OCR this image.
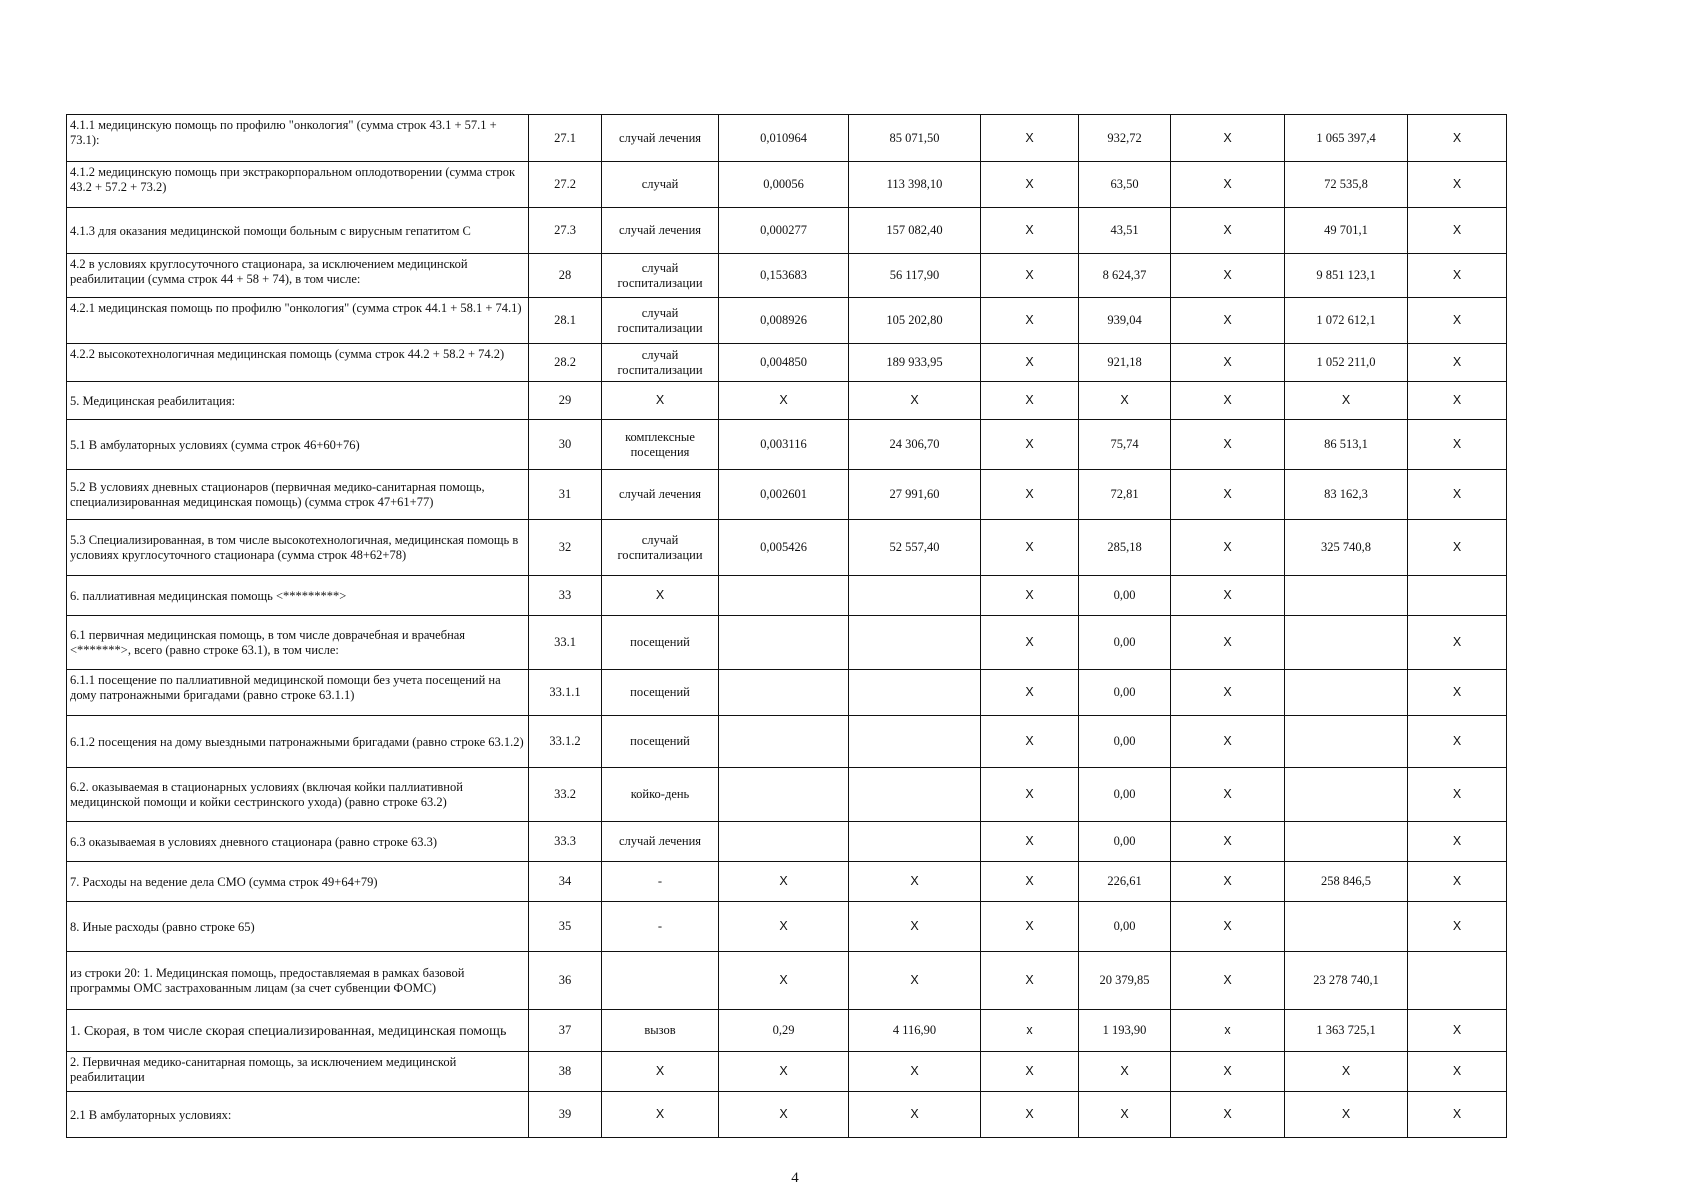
4.1.1 медицинскую помощь по профилю "онкология" (сумма строк 43.1 + 57.1 + 73.1):	27.1	случай лечения	0,010964	85 071,50	X	932,72	X	1 065 397,4	X
4.1.2 медицинскую помощь при экстракорпоральном оплодотворении (сумма строк 43.2 + 57.2 + 73.2)	27.2	случай	0,00056	113 398,10	X	63,50	X	72 535,8	X
4.1.3 для оказания медицинской помощи больным с вирусным гепатитом С	27.3	случай лечения	0,000277	157 082,40	X	43,51	X	49 701,1	X
4.2 в условиях круглосуточного стационара, за исключением медицинской реабилитации (сумма строк 44 + 58 + 74), в том числе:	28	случай госпитализации	0,153683	56 117,90	X	8 624,37	X	9 851 123,1	X
4.2.1 медицинская помощь по профилю "онкология" (сумма строк 44.1 + 58.1 + 74.1)	28.1	случай госпитализации	0,008926	105 202,80	X	939,04	X	1 072 612,1	X
4.2.2 высокотехнологичная медицинская помощь (сумма строк 44.2 + 58.2 + 74.2)	28.2	случай госпитализации	0,004850	189 933,95	X	921,18	X	1 052 211,0	X
5. Медицинская реабилитация:	29	X	X	X	X	X	X	X	X
5.1 В амбулаторных условиях (сумма строк 46+60+76)	30	комплексные посещения	0,003116	24 306,70	X	75,74	X	86 513,1	X
5.2 В условиях дневных стационаров (первичная медико-санитарная помощь, специализированная медицинская помощь) (сумма строк 47+61+77)	31	случай лечения	0,002601	27 991,60	X	72,81	X	83 162,3	X
5.3 Специализированная, в том числе высокотехнологичная, медицинская помощь в условиях круглосуточного стационара (сумма строк 48+62+78)	32	случай госпитализации	0,005426	52 557,40	X	285,18	X	325 740,8	X
6. паллиативная медицинская помощь <*********>	33	X			X	0,00	X		
6.1 первичная медицинская помощь, в том числе доврачебная и врачебная <*******>, всего (равно строке 63.1), в том числе:	33.1	посещений			X	0,00	X		X
6.1.1 посещение по паллиативной медицинской помощи без учета посещений на дому патронажными бригадами (равно строке 63.1.1)	33.1.1	посещений			X	0,00	X		X
6.1.2 посещения на дому выездными патронажными бригадами (равно строке 63.1.2)	33.1.2	посещений			X	0,00	X		X
6.2. оказываемая в стационарных условиях (включая койки паллиативной медицинской помощи и койки сестринского ухода) (равно строке 63.2)	33.2	койко-день			X	0,00	X		X
6.3 оказываемая в условиях дневного стационара (равно строке 63.3)	33.3	случай лечения			X	0,00	X		X
7. Расходы на ведение дела СМО (сумма строк 49+64+79)	34	-	X	X	X	226,61	X	258 846,5	X
8. Иные расходы (равно строке 65)	35	-	X	X	X	0,00	X		X
из строки 20: 1. Медицинская помощь, предоставляемая в рамках базовой программы ОМС застрахованным лицам (за счет субвенции ФОМС)	36		X	X	X	20 379,85	X	23 278 740,1	
1. Скорая, в том числе скорая специализированная, медицинская помощь	37	вызов	0,29	4 116,90	x	1 193,90	x	1 363 725,1	X
2. Первичная медико-санитарная помощь, за исключением медицинской реабилитации	38	X	X	X	X	X	X	X	X
2.1 В амбулаторных условиях:	39	X	X	X	X	X	X	X	X
4
